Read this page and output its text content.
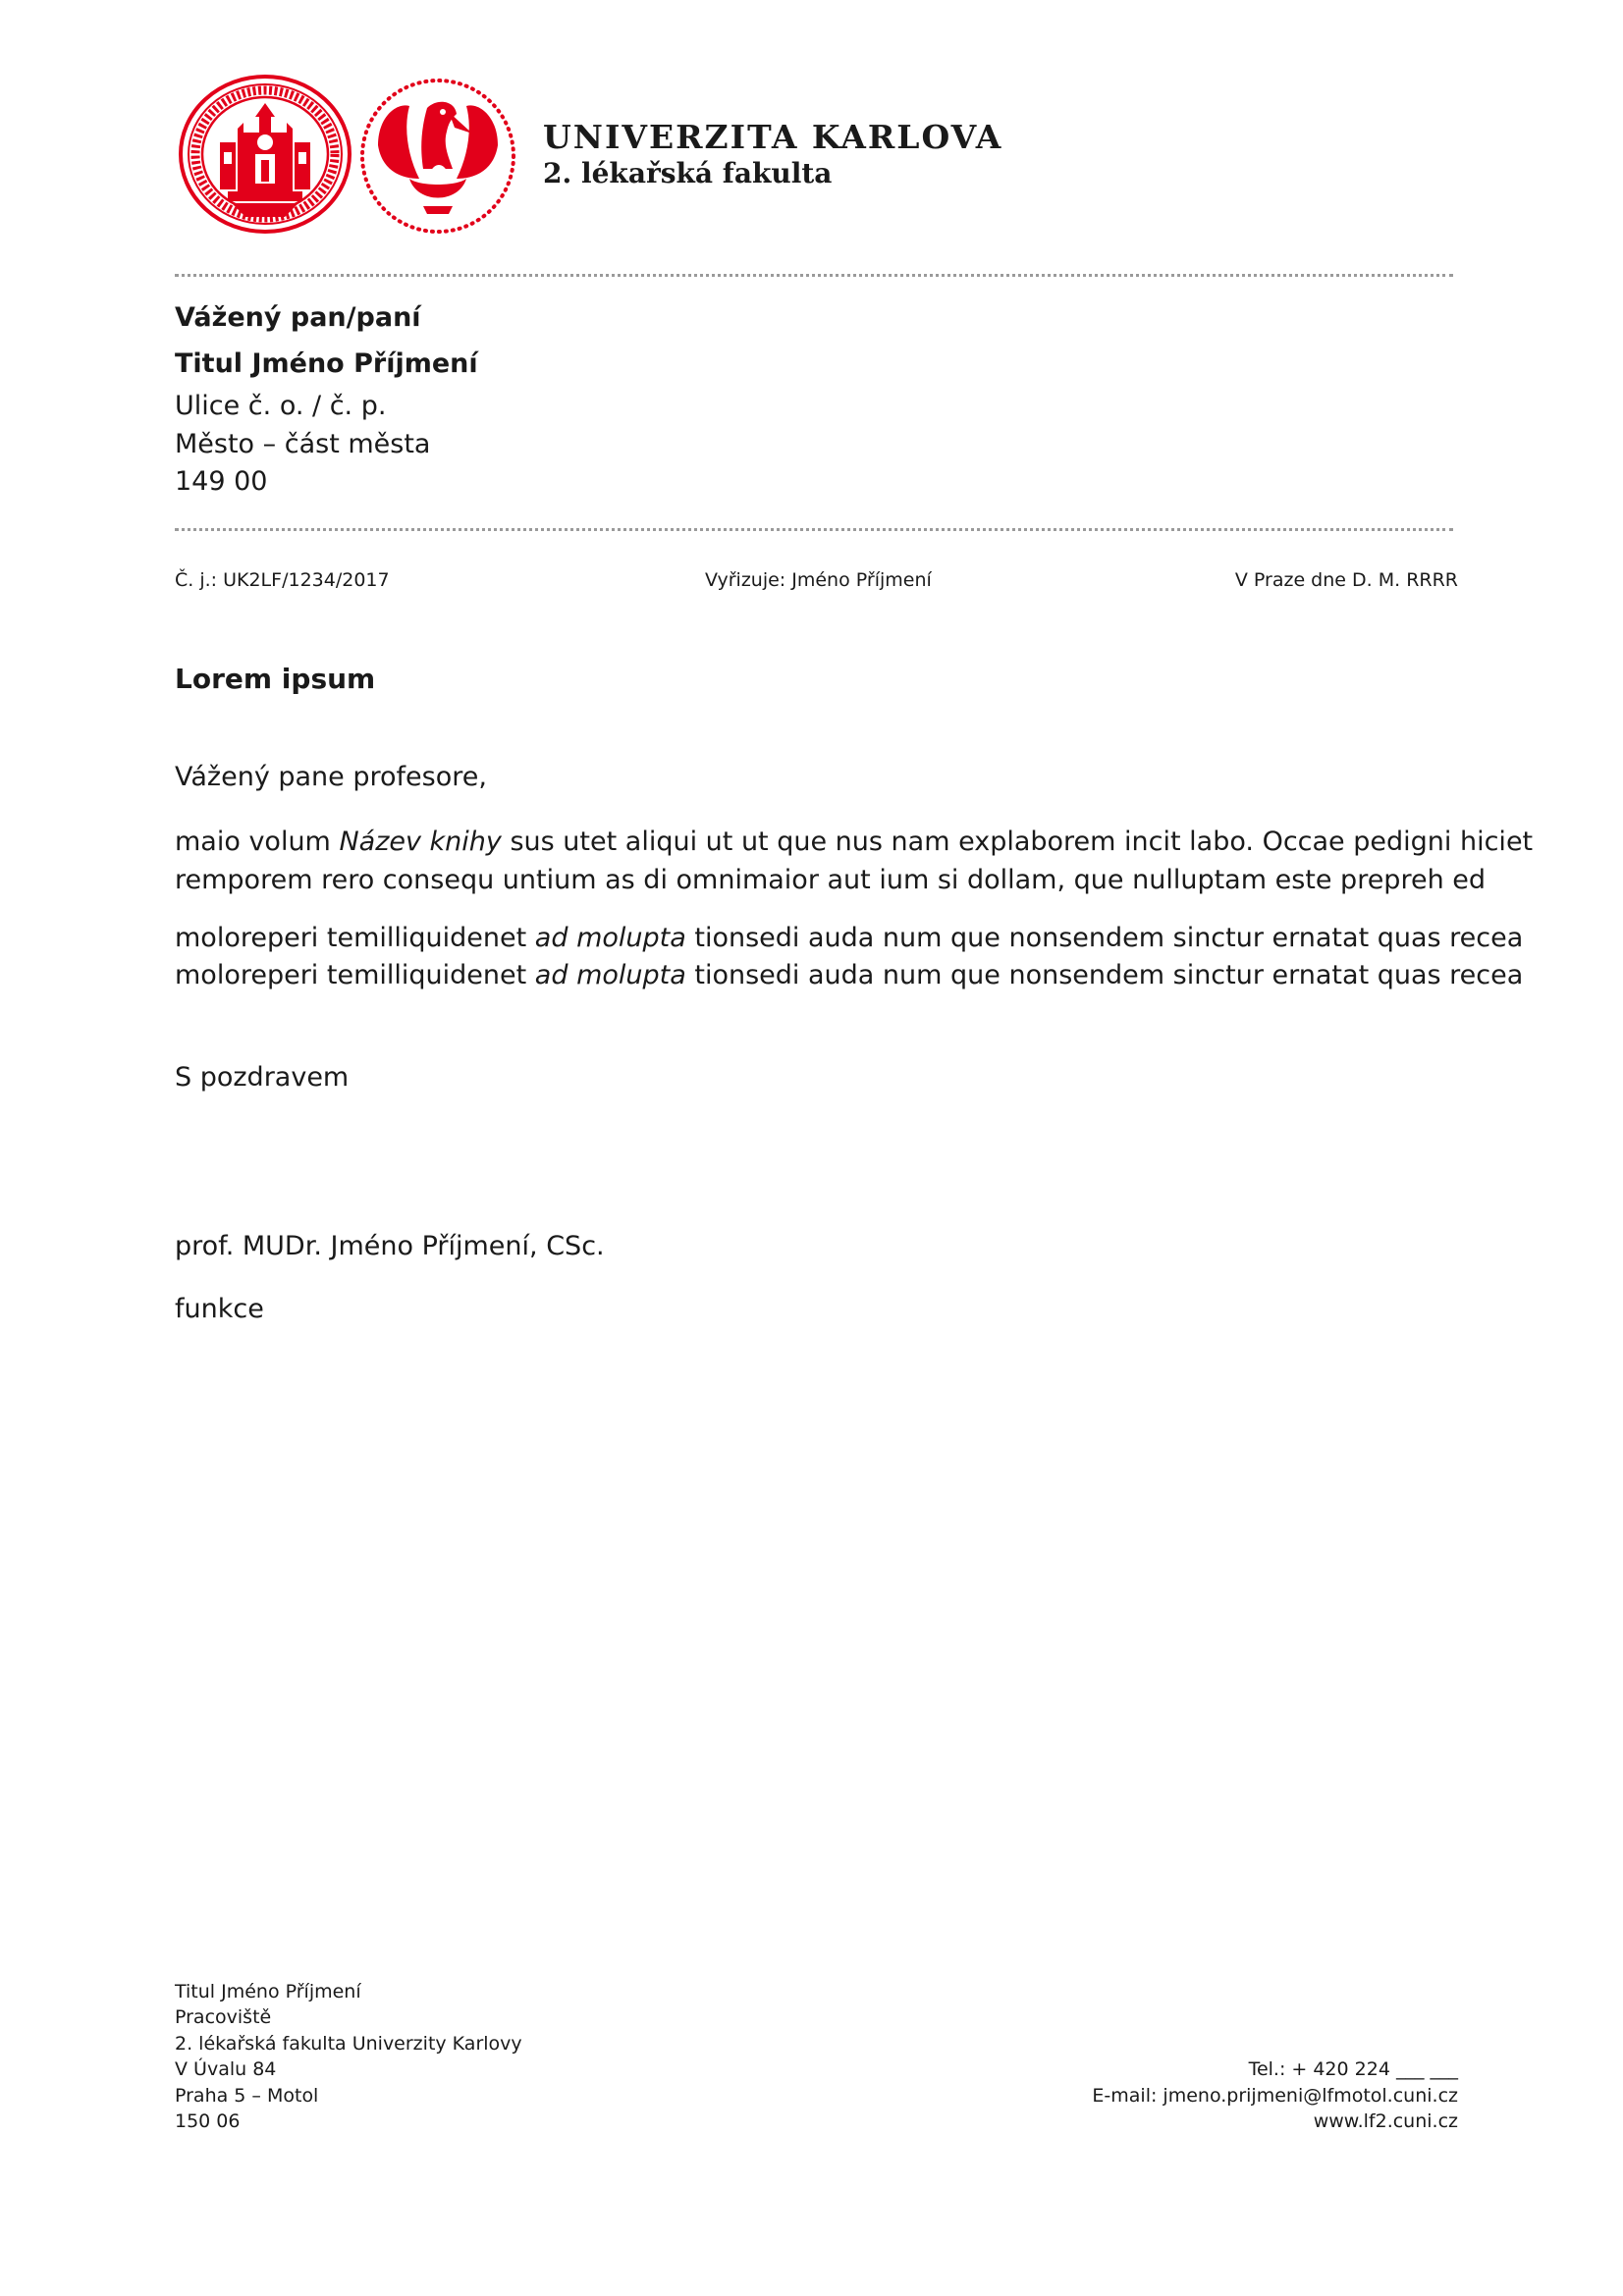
UNIVERZITA KARLOVA
2. lékařská fakulta
Vážený pan/paní
Titul Jméno Příjmení
Ulice č. o. / č. p.
Město – část města
149 00
Č. j.: UK2LF/1234/2017	Vyřizuje: Jméno Příjmení	V Praze dne D. M. RRRR
Lorem ipsum
Vážený pane profesore,
maio volum Název knihy sus utet aliqui ut ut que nus nam explaborem incit labo. Occae pedigni hiciet
remporem rero consequ untium as di omnimaior aut ium si dollam, que nulluptam este prepreh ed
moloreperi temilliquidenet ad molupta tionsedi auda num que nonsendem sinctur ernatat quas recea
moloreperi temilliquidenet ad molupta tionsedi auda num que nonsendem sinctur ernatat quas recea
S pozdravem
prof. MUDr. Jméno Příjmení, CSc.
funkce
Titul Jméno Příjmení
Pracoviště
2. lékařská fakulta Univerzity Karlovy
V Úvalu 84
Praha 5 – Motol
150 06
Tel.: + 420 224 ___ ___
E-mail: jmeno.prijmeni@lfmotol.cuni.cz
www.lf2.cuni.cz
